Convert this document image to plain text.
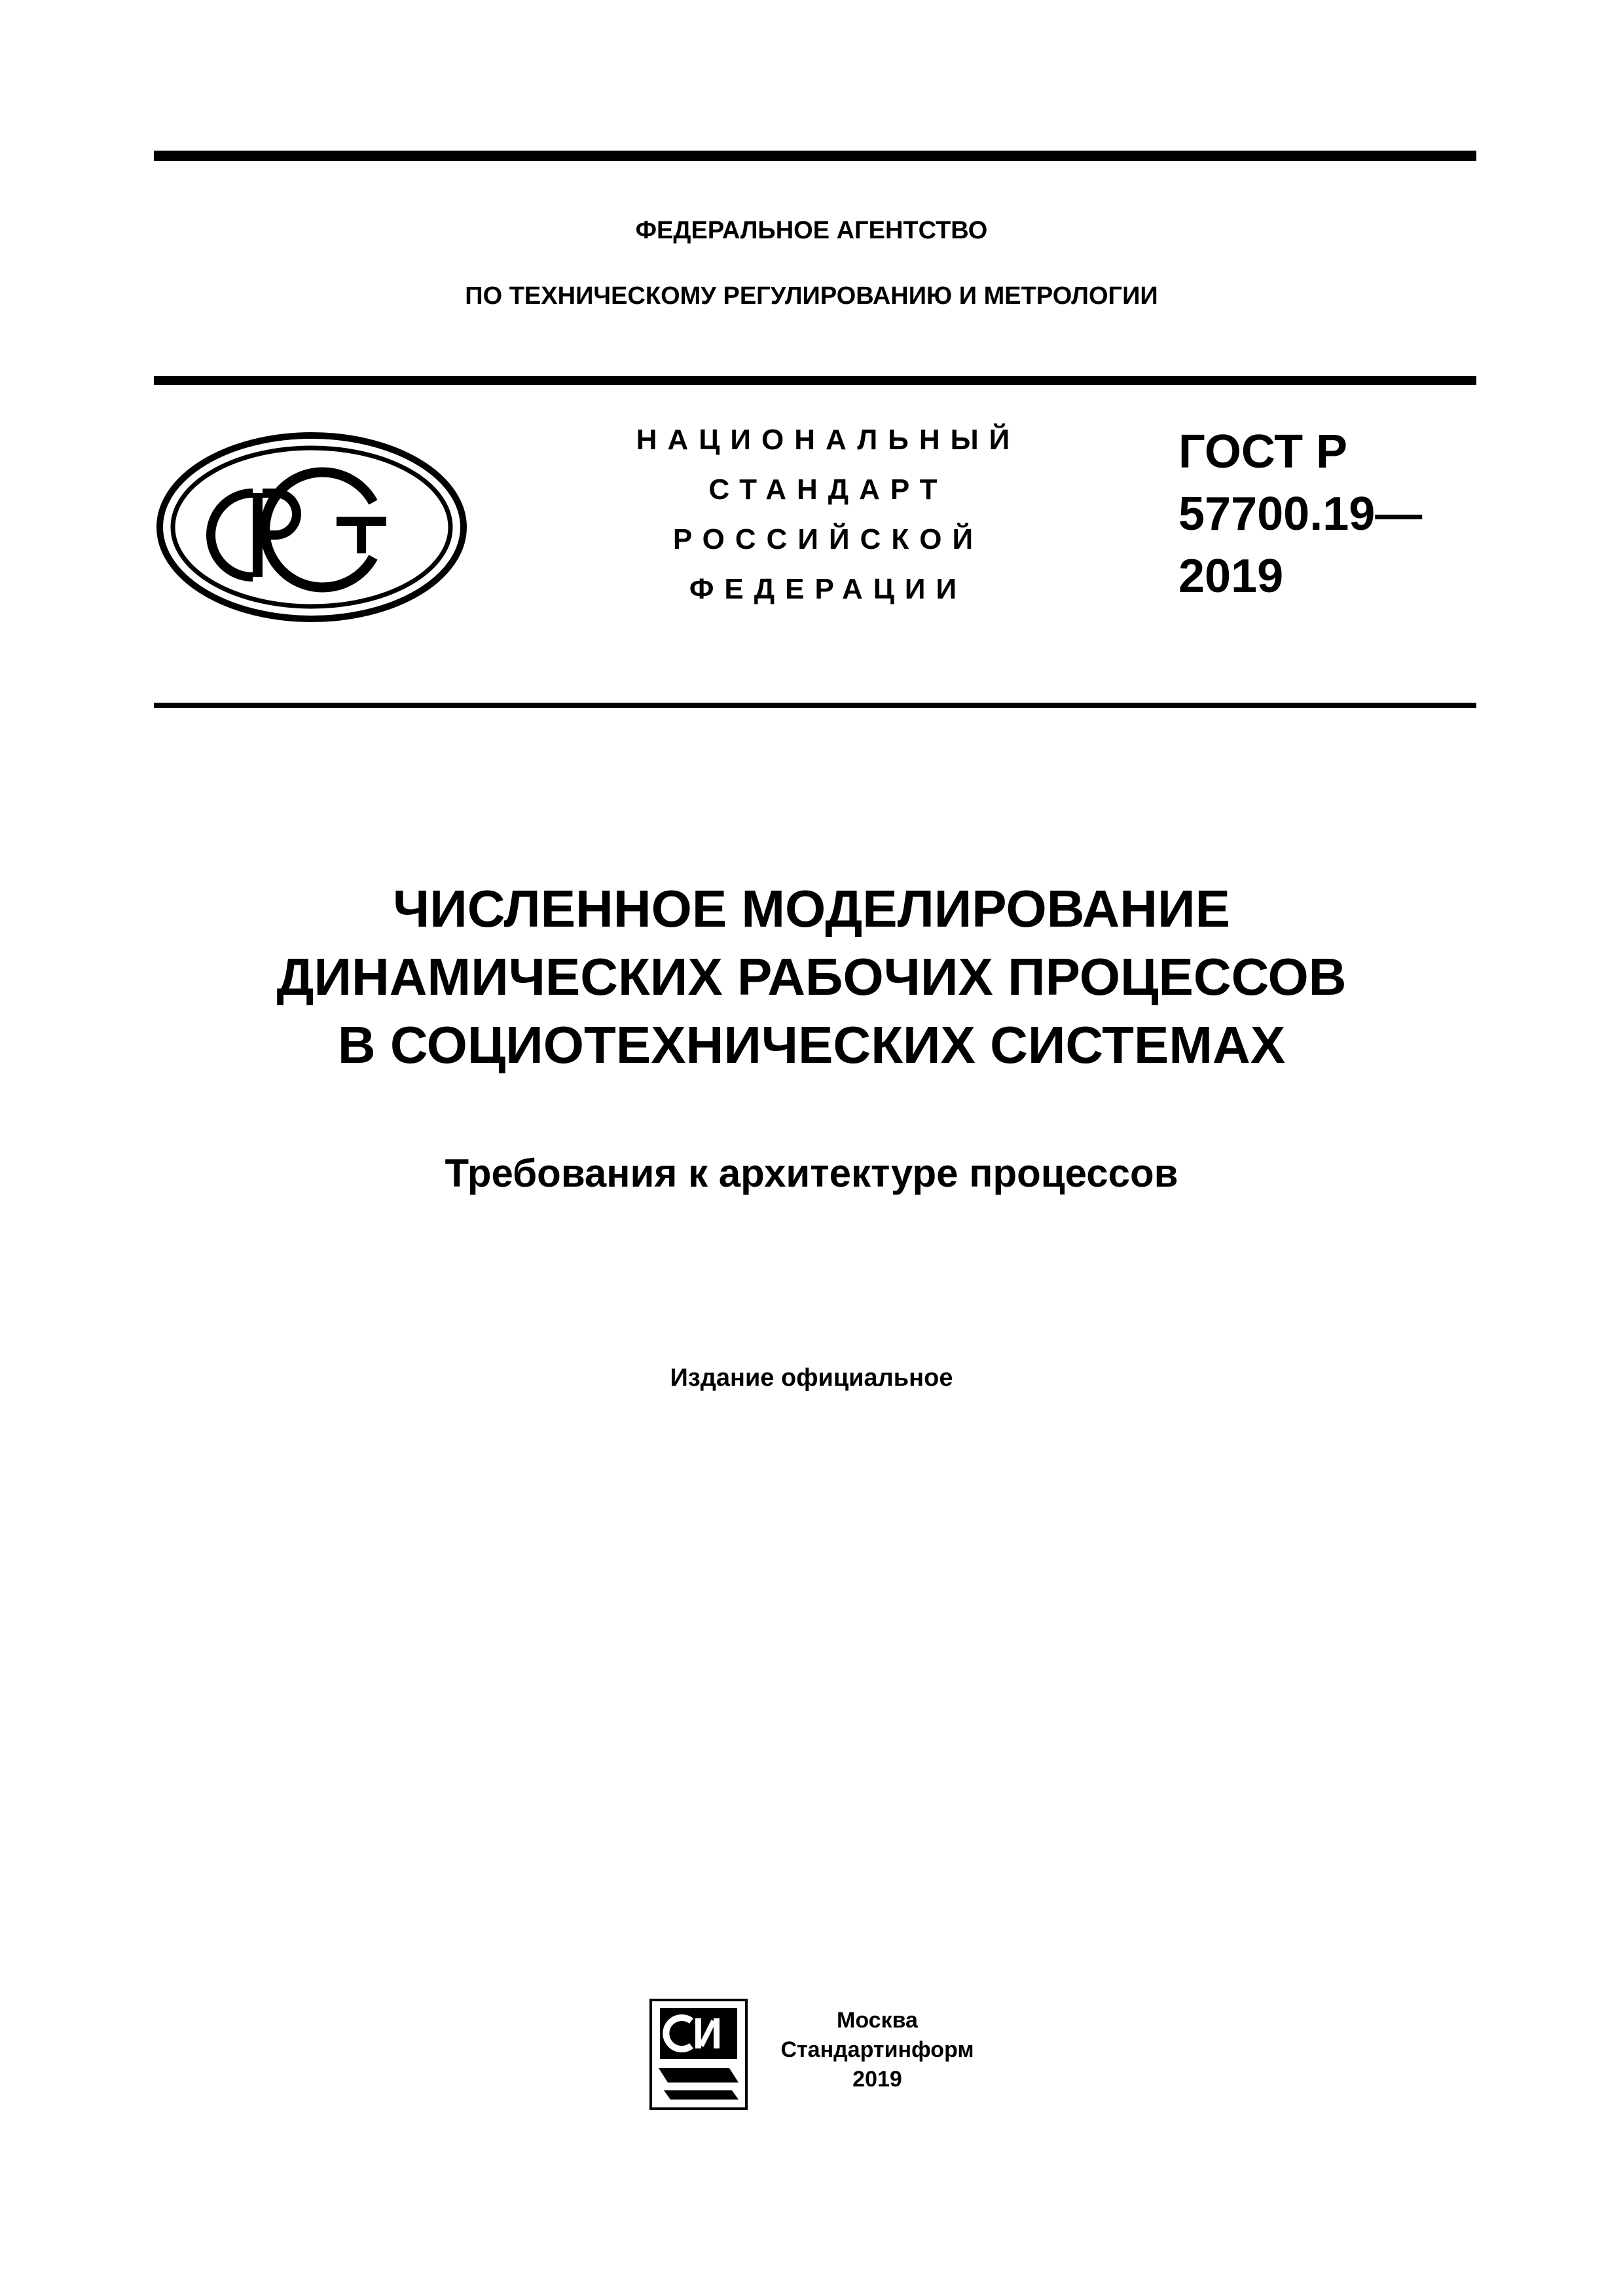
ФЕДЕРАЛЬНОЕ АГЕНТСТВО
ПО ТЕХНИЧЕСКОМУ РЕГУЛИРОВАНИЮ И МЕТРОЛОГИИ
НАЦИОНАЛЬНЫЙ
СТАНДАРТ
РОССИЙСКОЙ
ФЕДЕРАЦИИ
ГОСТ Р
57700.19—
2019
ЧИСЛЕННОЕ МОДЕЛИРОВАНИЕ
ДИНАМИЧЕСКИХ РАБОЧИХ ПРОЦЕССОВ
В СОЦИОТЕХНИЧЕСКИХ СИСТЕМАХ
Требования к архитектуре процессов
Издание официальное
Москва
Стандартинформ
2019
